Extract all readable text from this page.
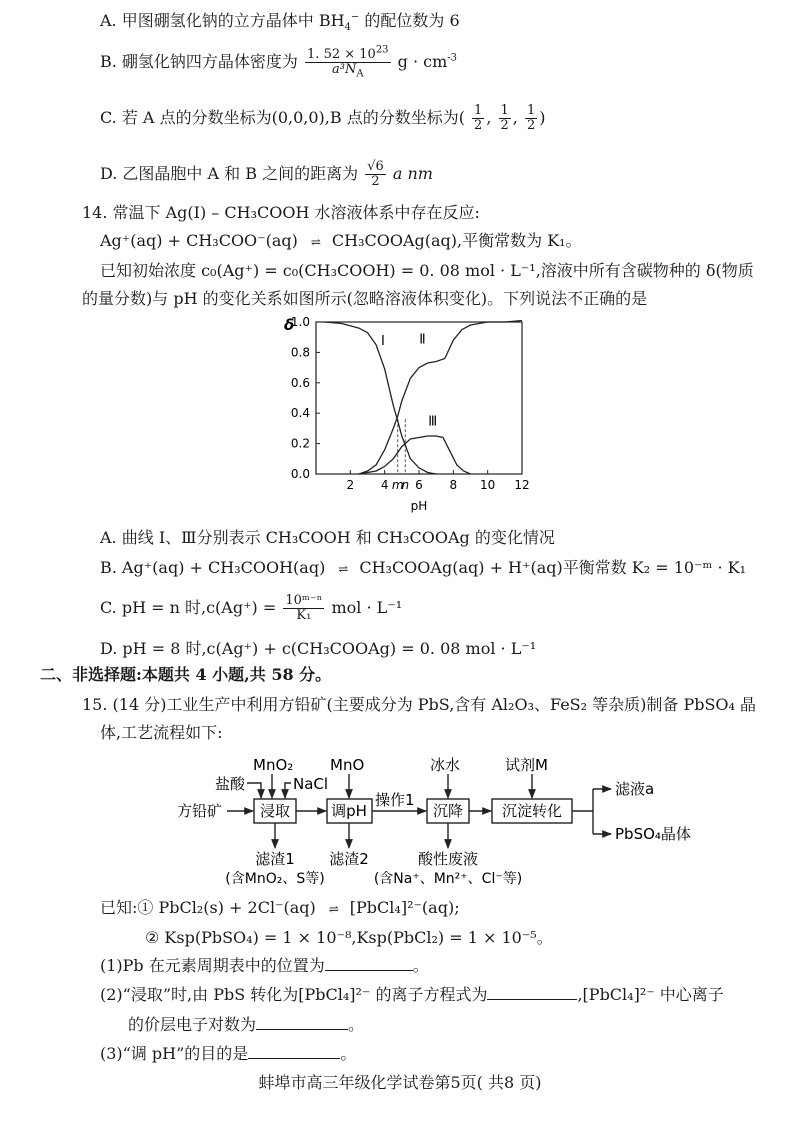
A. 甲图硼氢化钠的立方晶体中 $BH_4^-$ 的配位数为 6
B. 硼氢化钠四方晶体密度为 $\frac{1. 52 \times 10^{23}}{a^3N_A}$ $g \cdot cm^{-3}$
C. 若 A 点的分数坐标为(0,0,0),B 点的分数坐标为( $\frac{1}{2}$ , $\frac{1}{2}$ , $\frac{1}{2}$ )
D. 乙图晶胞中 A 和 B 之间的距离为 $\frac{√6}{2}$ a nm
14. 常温下 Ag(Ⅰ) – CH₃COOH 水溶液体系中存在反应:
Ag⁺(aq) + CH₃COO⁻(aq) ⇌ CH₃COOAg(aq),平衡常数为 K₁。
已知初始浓度 c₀(Ag⁺) = c₀(CH₃COOH) = 0. 08 mol · L⁻¹,溶液中所有含碳物种的 δ(物质
的量分数)与 pH 的变化关系如图所示(忽略溶液体积变化)。下列说法不正确的是
δ
0.0
0.2
0.4
0.6
0.8
1.0
2 4 6 8 10 12
pH
m
n
Ⅰ	Ⅱ
Ⅲ
A. 曲线 Ⅰ、Ⅲ分别表示 CH₃COOH 和 CH₃COOAg 的变化情况
B. Ag⁺(aq) + CH₃COOH(aq) ⇌ CH₃COOAg(aq) + H⁺(aq)平衡常数 K₂ = 10⁻ᵐ · K₁
C. pH = n 时$,c(Ag^+) = \frac{\text{10ᵐ⁻ⁿ}}{\text{K₁}}$ mol · L⁻¹
D. pH = 8 时,c(Ag⁺) + c(CH₃COOAg) = 0. 08 mol · L⁻¹
二、非选择题:本题共 4 小题,共 58 分。
15. (14 分)工业生产中利用方铅矿(主要成分为 PbS,含有 Al₂O₃、FeS₂ 等杂质)制备 PbSO₄ 晶
体,工艺流程如下:
浸取	调pH	沉降	沉淀转化
方铅矿
操作1
MnO₂
盐酸	NaCl
MnO	冰水	试剂M
滤液a
PbSO₄晶体
滤渣1
(含MnO₂、S等)
滤渣2	酸性废液
(含Na⁺、Mn²⁺、Cl⁻等)
已知:① PbCl₂(s) + 2Cl⁻(aq) ⇌ [PbCl₄]²⁻(aq);
② Ksp(PbSO₄) = 1 × 10⁻⁸,Ksp(PbCl₂) = 1 × 10⁻⁵。
(1)Pb 在元素周期表中的位置为	。
(2)“浸取”时,由 PbS 转化为[PbCl₄]²⁻ 的离子方程式为	,[PbCl₄]²⁻ 中心离子
的价层电子对数为	。
(3)“调 pH”的目的是	。
蚌埠市高三年级化学试卷第5页( 共8 页)
